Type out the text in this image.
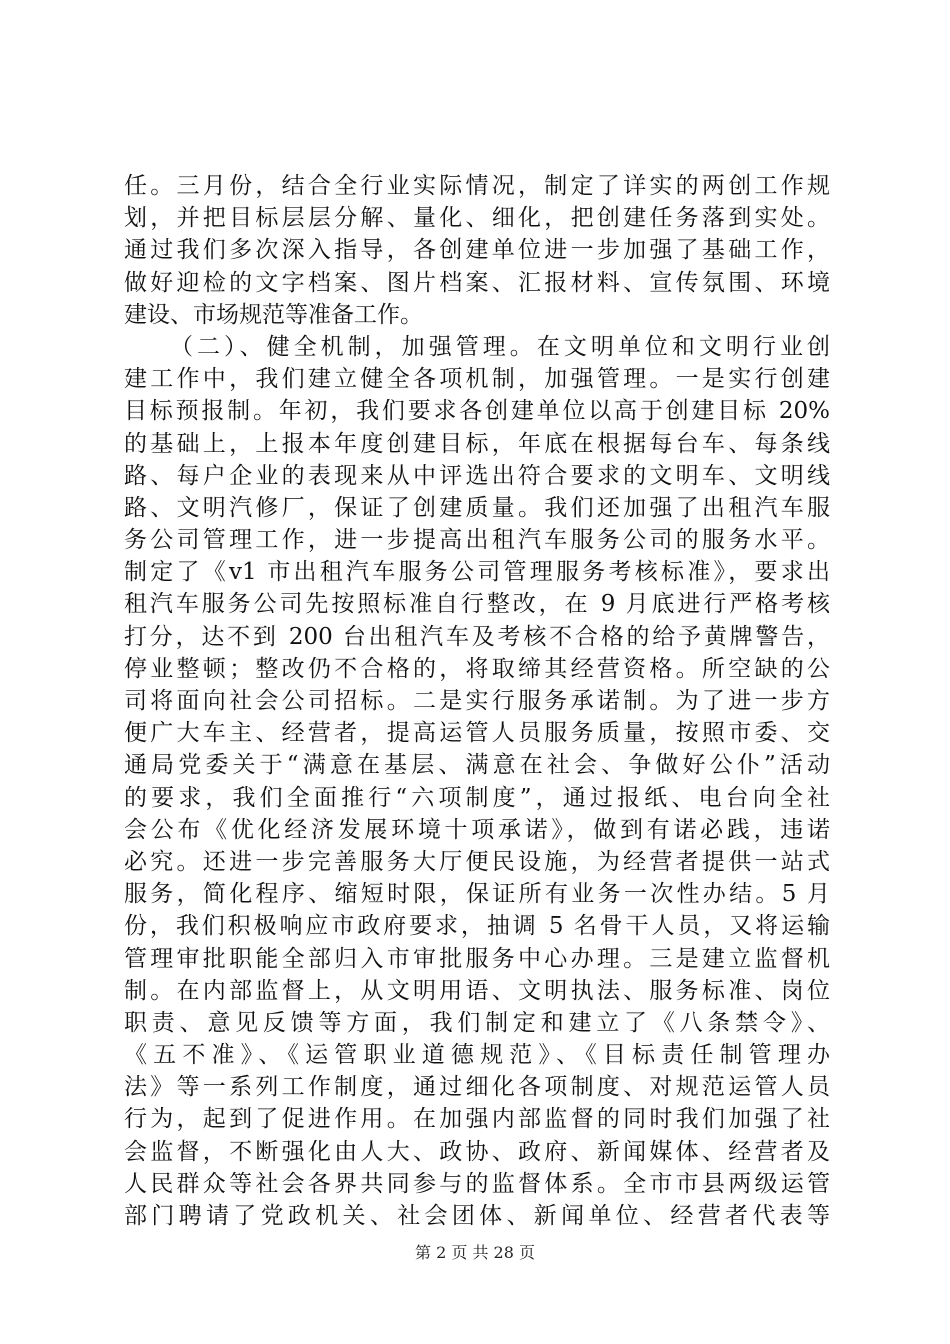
任。三月份，结合全行业实际情况，制定了详实的两创工作规
划，并把目标层层分解、量化、细化，把创建任务落到实处。
通过我们多次深入指导，各创建单位进一步加强了基础工作，
做好迎检的文字档案、图片档案、汇报材料、宣传氛围、环境
建设、市场规范等准备工作。
（二）、健全机制，加强管理。在文明单位和文明行业创
建工作中，我们建立健全各项机制，加强管理。一是实行创建
目标预报制。年初，我们要求各创建单位以高于创建目标 20%
的基础上，上报本年度创建目标，年底在根据每台车、每条线
路、每户企业的表现来从中评选出符合要求的文明车、文明线
路、文明汽修厂，保证了创建质量。我们还加强了出租汽车服
务公司管理工作，进一步提高出租汽车服务公司的服务水平。
制定了《v1 市出租汽车服务公司管理服务考核标准》，要求出
租汽车服务公司先按照标准自行整改，在 9 月底进行严格考核
打分，达不到 200 台出租汽车及考核不合格的给予黄牌警告，
停业整顿；整改仍不合格的，将取缔其经营资格。所空缺的公
司将面向社会公司招标。二是实行服务承诺制。为了进一步方
便广大车主、经营者，提高运管人员服务质量，按照市委、交
通局党委关于“满意在基层、满意在社会、争做好公仆”活动
的要求，我们全面推行“六项制度”，通过报纸、电台向全社
会公布《优化经济发展环境十项承诺》，做到有诺必践，违诺
必究。还进一步完善服务大厅便民设施，为经营者提供一站式
服务，简化程序、缩短时限，保证所有业务一次性办结。5 月
份，我们积极响应市政府要求，抽调 5 名骨干人员，又将运输
管理审批职能全部归入市审批服务中心办理。三是建立监督机
制。在内部监督上，从文明用语、文明执法、服务标准、岗位
职责、意见反馈等方面，我们制定和建立了《八条禁令》、
《五不准》、《运管职业道德规范》、《目标责任制管理办
法》等一系列工作制度，通过细化各项制度、对规范运管人员
行为，起到了促进作用。在加强内部监督的同时我们加强了社
会监督，不断强化由人大、政协、政府、新闻媒体、经营者及
人民群众等社会各界共同参与的监督体系。全市市县两级运管
部门聘请了党政机关、社会团体、新闻单位、经营者代表等
第 2 页 共 28 页
